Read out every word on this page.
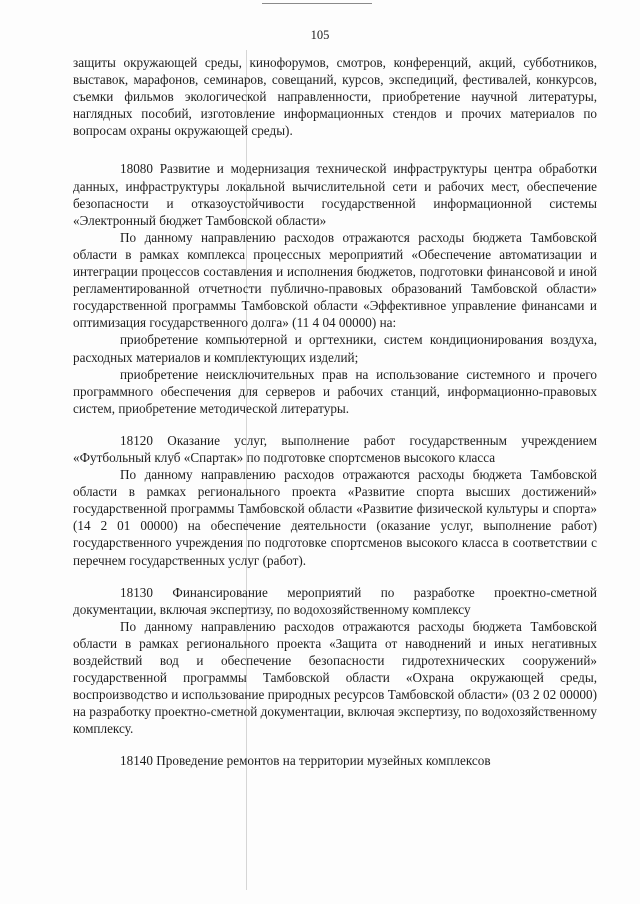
105

защиты окружающей среды, кинофорумов, смотров, конференций, акций, субботников, выставок, марафонов, семинаров, совещаний, курсов, экспедиций, фестивалей, конкурсов, съемки фильмов экологической направленности, приобретение научной литературы, наглядных пособий, изготовление информационных стендов и прочих материалов по вопросам охраны окружающей среды).

18080 Развитие и модернизация технической инфраструктуры центра обработки данных, инфраструктуры локальной вычислительной сети и рабочих мест, обеспечение безопасности и отказоустойчивости государственной информационной системы «Электронный бюджет Тамбовской области»

По данному направлению расходов отражаются расходы бюджета Тамбовской области в рамках комплекса процессных мероприятий «Обеспечение автоматизации и интеграции процессов составления и исполнения бюджетов, подготовки финансовой и иной регламентированной отчетности публично-правовых образований Тамбовской области» государственной программы Тамбовской области «Эффективное управление финансами и оптимизация государственного долга» (11 4 04 00000) на:

приобретение компьютерной и оргтехники, систем кондиционирования воздуха, расходных материалов и комплектующих изделий;

приобретение неисключительных прав на использование системного и прочего программного обеспечения для серверов и рабочих станций, информационно-правовых систем, приобретение методической литературы.

18120 Оказание услуг, выполнение работ государственным учреждением «Футбольный клуб «Спартак» по подготовке спортсменов высокого класса

По данному направлению расходов отражаются расходы бюджета Тамбовской области в рамках регионального проекта «Развитие спорта высших достижений» государственной программы Тамбовской области «Развитие физической культуры и спорта» (14 2 01 00000) на обеспечение деятельности (оказание услуг, выполнение работ) государственного учреждения по подготовке спортсменов высокого класса в соответствии с перечнем государственных услуг (работ).

18130 Финансирование мероприятий по разработке проектно-сметной документации, включая экспертизу, по водохозяйственному комплексу

По данному направлению расходов отражаются расходы бюджета Тамбовской области в рамках регионального проекта «Защита от наводнений и иных негативных воздействий вод и обеспечение безопасности гидротехнических сооружений» государственной программы Тамбовской области «Охрана окружающей среды, воспроизводство и использование природных ресурсов Тамбовской области» (03 2 02 00000) на разработку проектно-сметной документации, включая экспертизу, по водохозяйственному комплексу.

18140 Проведение ремонтов на территории музейных комплексов
